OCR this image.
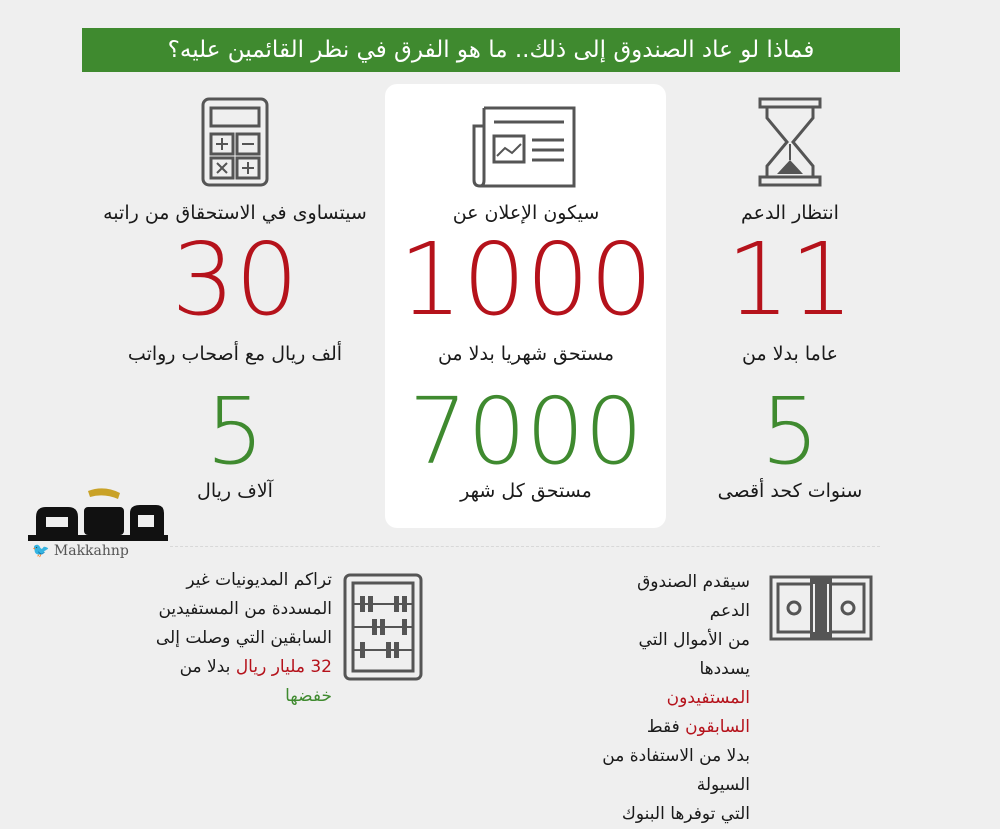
فماذا لو عاد الصندوق إلى ذلك.. ما هو الفرق في نظر القائمين عليه؟
انتظار الدعم
11
عاما بدلا من
5
سنوات كحد أقصى
سيكون الإعلان عن
1000
مستحق شهريا بدلا من
7000
مستحق كل شهر
سيتساوى في الاستحقاق من راتبه
30
ألف ريال مع أصحاب رواتب
5
آلاف ريال
🐦 Makkahnp
سيقدم الصندوق الدعم
من الأموال التي يسددها
المستفيدون السابقون فقط
بدلا من الاستفادة من السيولة
التي توفرها البنوك
تراكم المديونيات غير
المسددة من المستفيدين
السابقين التي وصلت إلى
32 مليار ريال بدلا من
خفضها
